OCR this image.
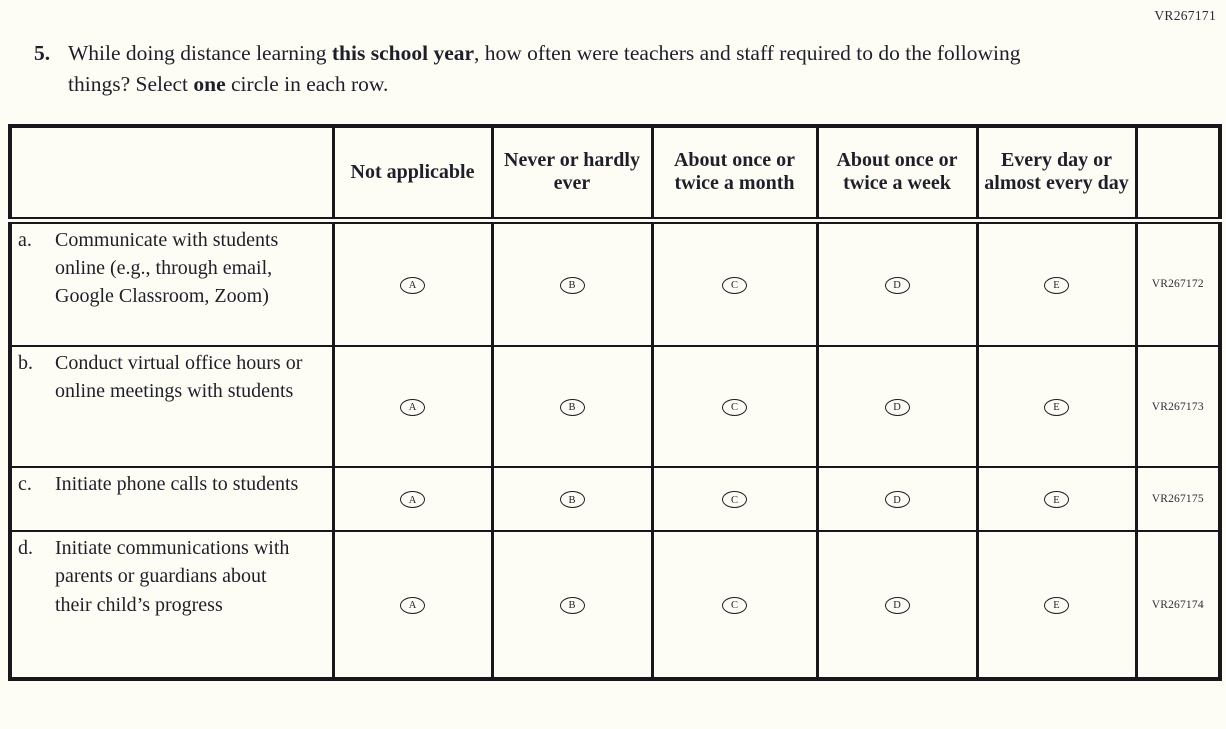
VR267171
5. While doing distance learning this school year, how often were teachers and staff required to do the following things? Select one circle in each row.

	Not applicable	Never or hardly ever	About once or twice a month	About once or twice a week	Every day or almost every day	

a. Communicate with students online (e.g., through email, Google Classroom, Zoom)	A	B	C	D	E	VR267172

b. Conduct virtual office hours or online meetings with students	A	B	C	D	E	VR267173

c. Initiate phone calls to students	A	B	C	D	E	VR267175

d. Initiate communications with parents or guardians about their child’s progress	A	B	C	D	E	VR267174
